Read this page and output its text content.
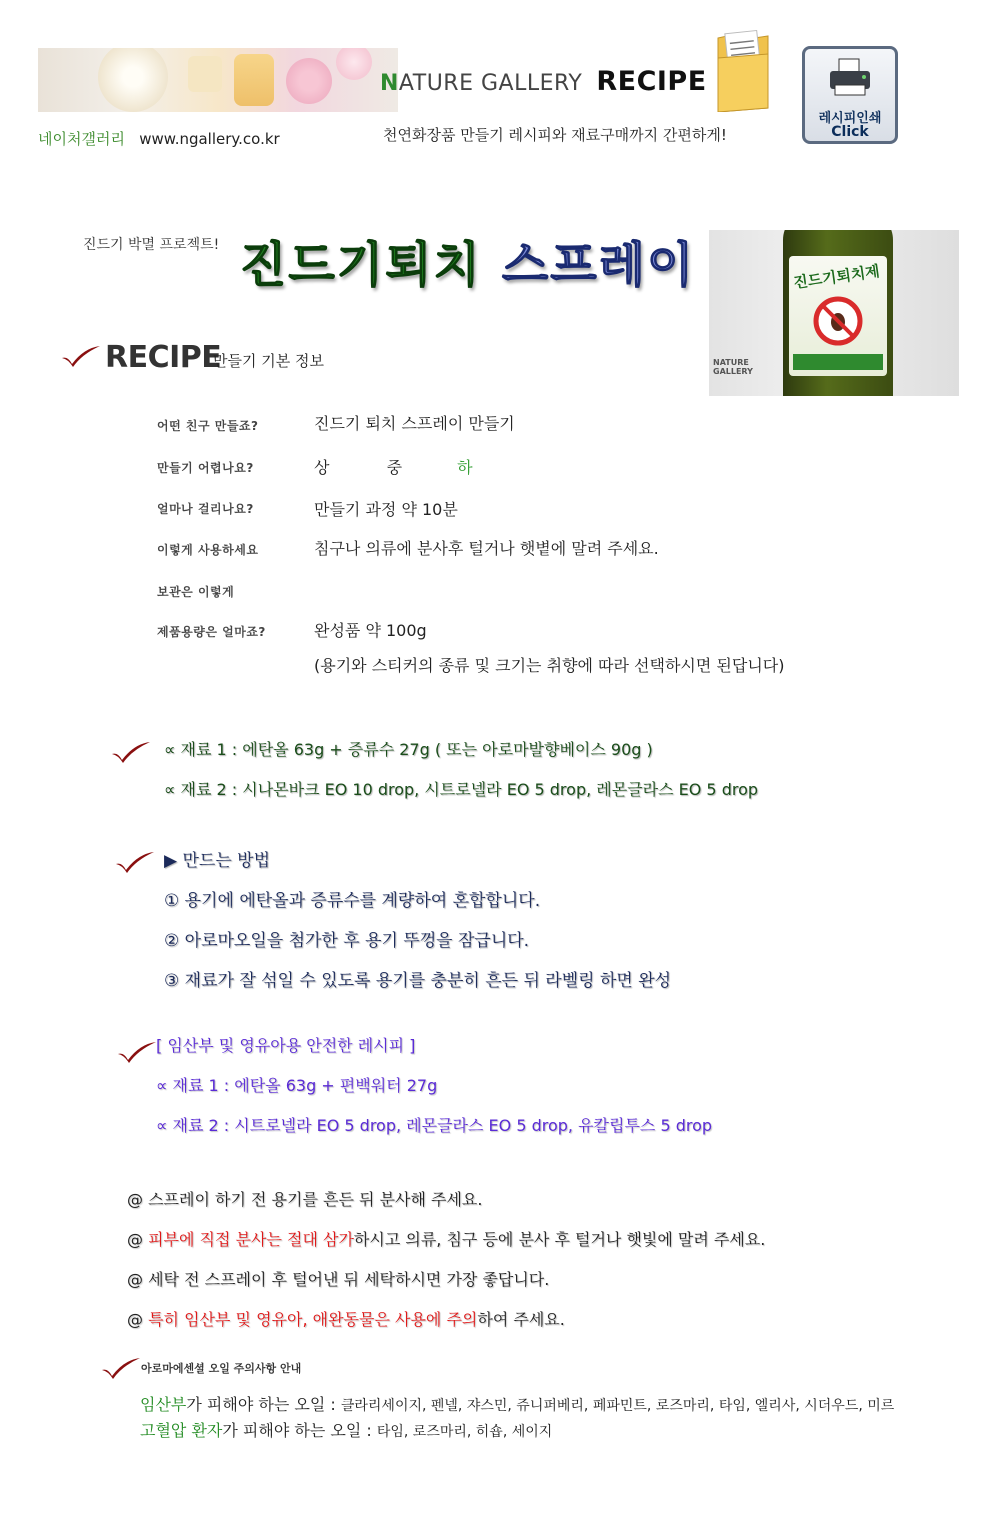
네이처갤러리 www.ngallery.co.kr
NATURE GALLERY RECIPE
천연화장품 만들기 레시피와 재료구매까지 간편하게!
레시피인쇄
Click
진드기 박멸 프로젝트! 진드기퇴치 스프레이	진드기퇴치제
NATURE GALLERY
RECIPE
만들기 기본 정보
어떤 친구 만들죠?	진드기 퇴치 스프레이 만들기
만들기 어렵나요?	상	중	하
얼마나 걸리나요?	만들기 과정 약 10분
이렇게 사용하세요	침구나 의류에 분사후 털거나 햇볕에 말려 주세요.
보관은 이렇게
제품용량은 얼마죠?	완성품 약 100g
(용기와 스티커의 종류 및 크기는 취향에 따라 선택하시면 된답니다)
∝ 재료 1 : 에탄올 63g + 증류수 27g ( 또는 아로마발향베이스 90g )
∝ 재료 2 : 시나몬바크 EO 10 drop, 시트로넬라 EO 5 drop, 레몬글라스 EO 5 drop
▶ 만드는 방법
① 용기에 에탄올과 증류수를 계량하여 혼합합니다.
② 아로마오일을 첨가한 후 용기 뚜껑을 잠급니다.
③ 재료가 잘 섞일 수 있도록 용기를 충분히 흔든 뒤 라벨링 하면 완성
[ 임산부 및 영유아용 안전한 레시피 ]
∝ 재료 1 : 에탄올 63g + 편백워터 27g
∝ 재료 2 : 시트로넬라 EO 5 drop, 레몬글라스 EO 5 drop, 유칼립투스 5 drop
@ 스프레이 하기 전 용기를 흔든 뒤 분사해 주세요.
@ 피부에 직접 분사는 절대 삼가하시고 의류, 침구 등에 분사 후 털거나 햇빛에 말려 주세요.
@ 세탁 전 스프레이 후 털어낸 뒤 세탁하시면 가장 좋답니다.
@ 특히 임산부 및 영유아, 애완동물은 사용에 주의하여 주세요.
아로마에센셜 오일 주의사항 안내
임산부가 피해야 하는 오일 : 클라리세이지, 펜넬, 쟈스민, 쥬니퍼베리, 페파민트, 로즈마리, 타임, 엘리사, 시더우드, 미르
고혈압 환자가 피해야 하는 오일 : 타임, 로즈마리, 히숍, 세이지
